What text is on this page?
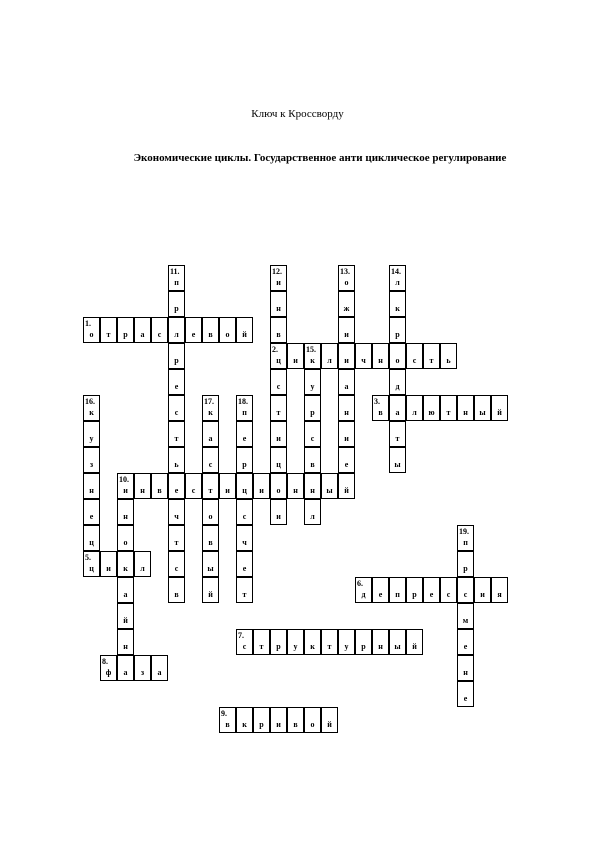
Ключ к Кроссворду
Экономические циклы. Государственное анти циклическое регулирование
1.
о	т	р	а	с	л	е	в	о	й
2.
ц	и
15.
к	л	и	ч	н	о	с	т	ь
3.
в	а	л	ю	т	н	ы	й
10.
и	н	в	е	с	т	и	ц	и	о	н	н	ы	й
5.
ц	и	к	л
6.
д	е	п	р	е	с	с	и	я
7.
с	т	р	у	к	т	у	р	н	ы	й
8.
ф	а	з	а
9.
в	к	р	и	в	о	й
11.
п
р
р
е
с
т
ь
ч
т
с
в
12.
и
н
в
с
т
и
ц
и
13.
о
ж
и
а
н
и
е
14.
л
к
р
д
т
ы
у
р
с
в
л
16.
к
у
з
н
е
ц
17.
к
а
с
о
в
ы
й
18.
п
е
р
с
ч
е
т
19.
п
р
м
е
н
е
н
о
а
й
н
